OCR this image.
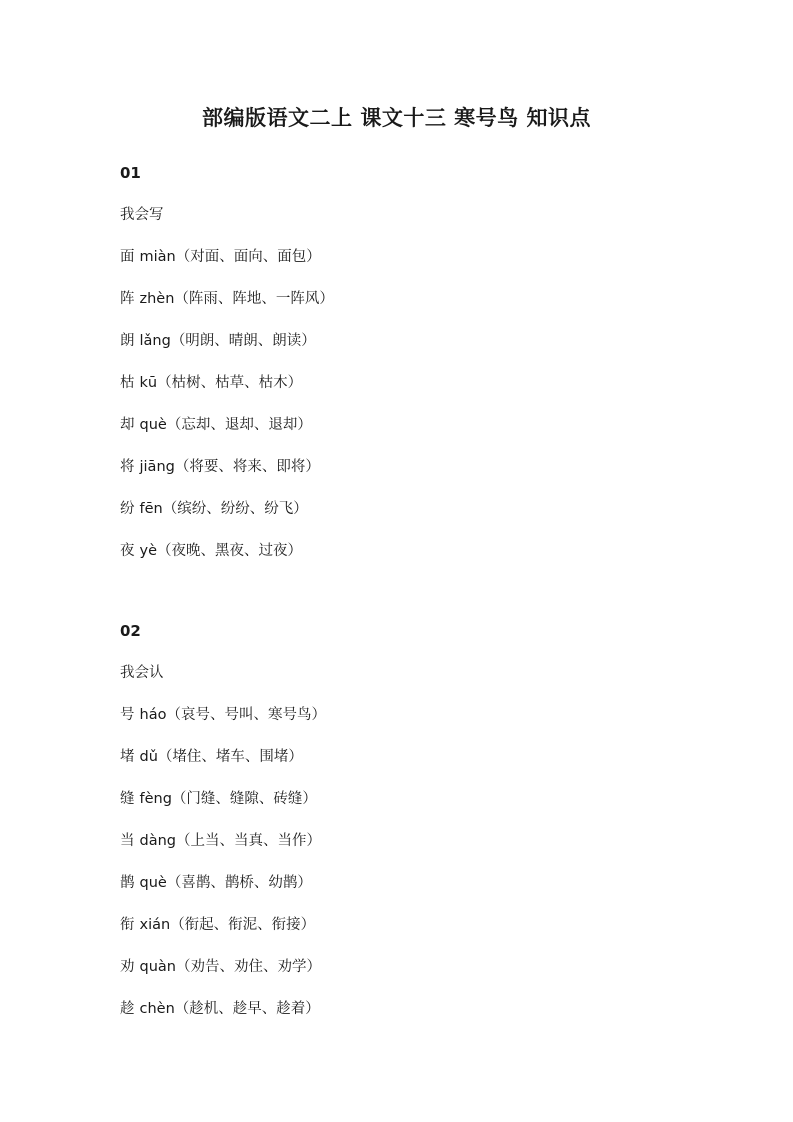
部编版语文二上 课文十三 寒号鸟 知识点
01
我会写
面 miàn（对面、面向、面包）
阵 zhèn（阵雨、阵地、一阵风）
朗 lǎng（明朗、晴朗、朗读）
枯 kū（枯树、枯草、枯木）
却 què（忘却、退却、退却）
将 jiāng（将要、将来、即将）
纷 fēn（缤纷、纷纷、纷飞）
夜 yè（夜晚、黑夜、过夜）
02
我会认
号 háo（哀号、号叫、寒号鸟）
堵 dǔ（堵住、堵车、围堵）
缝 fèng（门缝、缝隙、砖缝）
当 dàng（上当、当真、当作）
鹊 què（喜鹊、鹊桥、幼鹊）
衔 xián（衔起、衔泥、衔接）
劝 quàn（劝告、劝住、劝学）
趁 chèn（趁机、趁早、趁着）
